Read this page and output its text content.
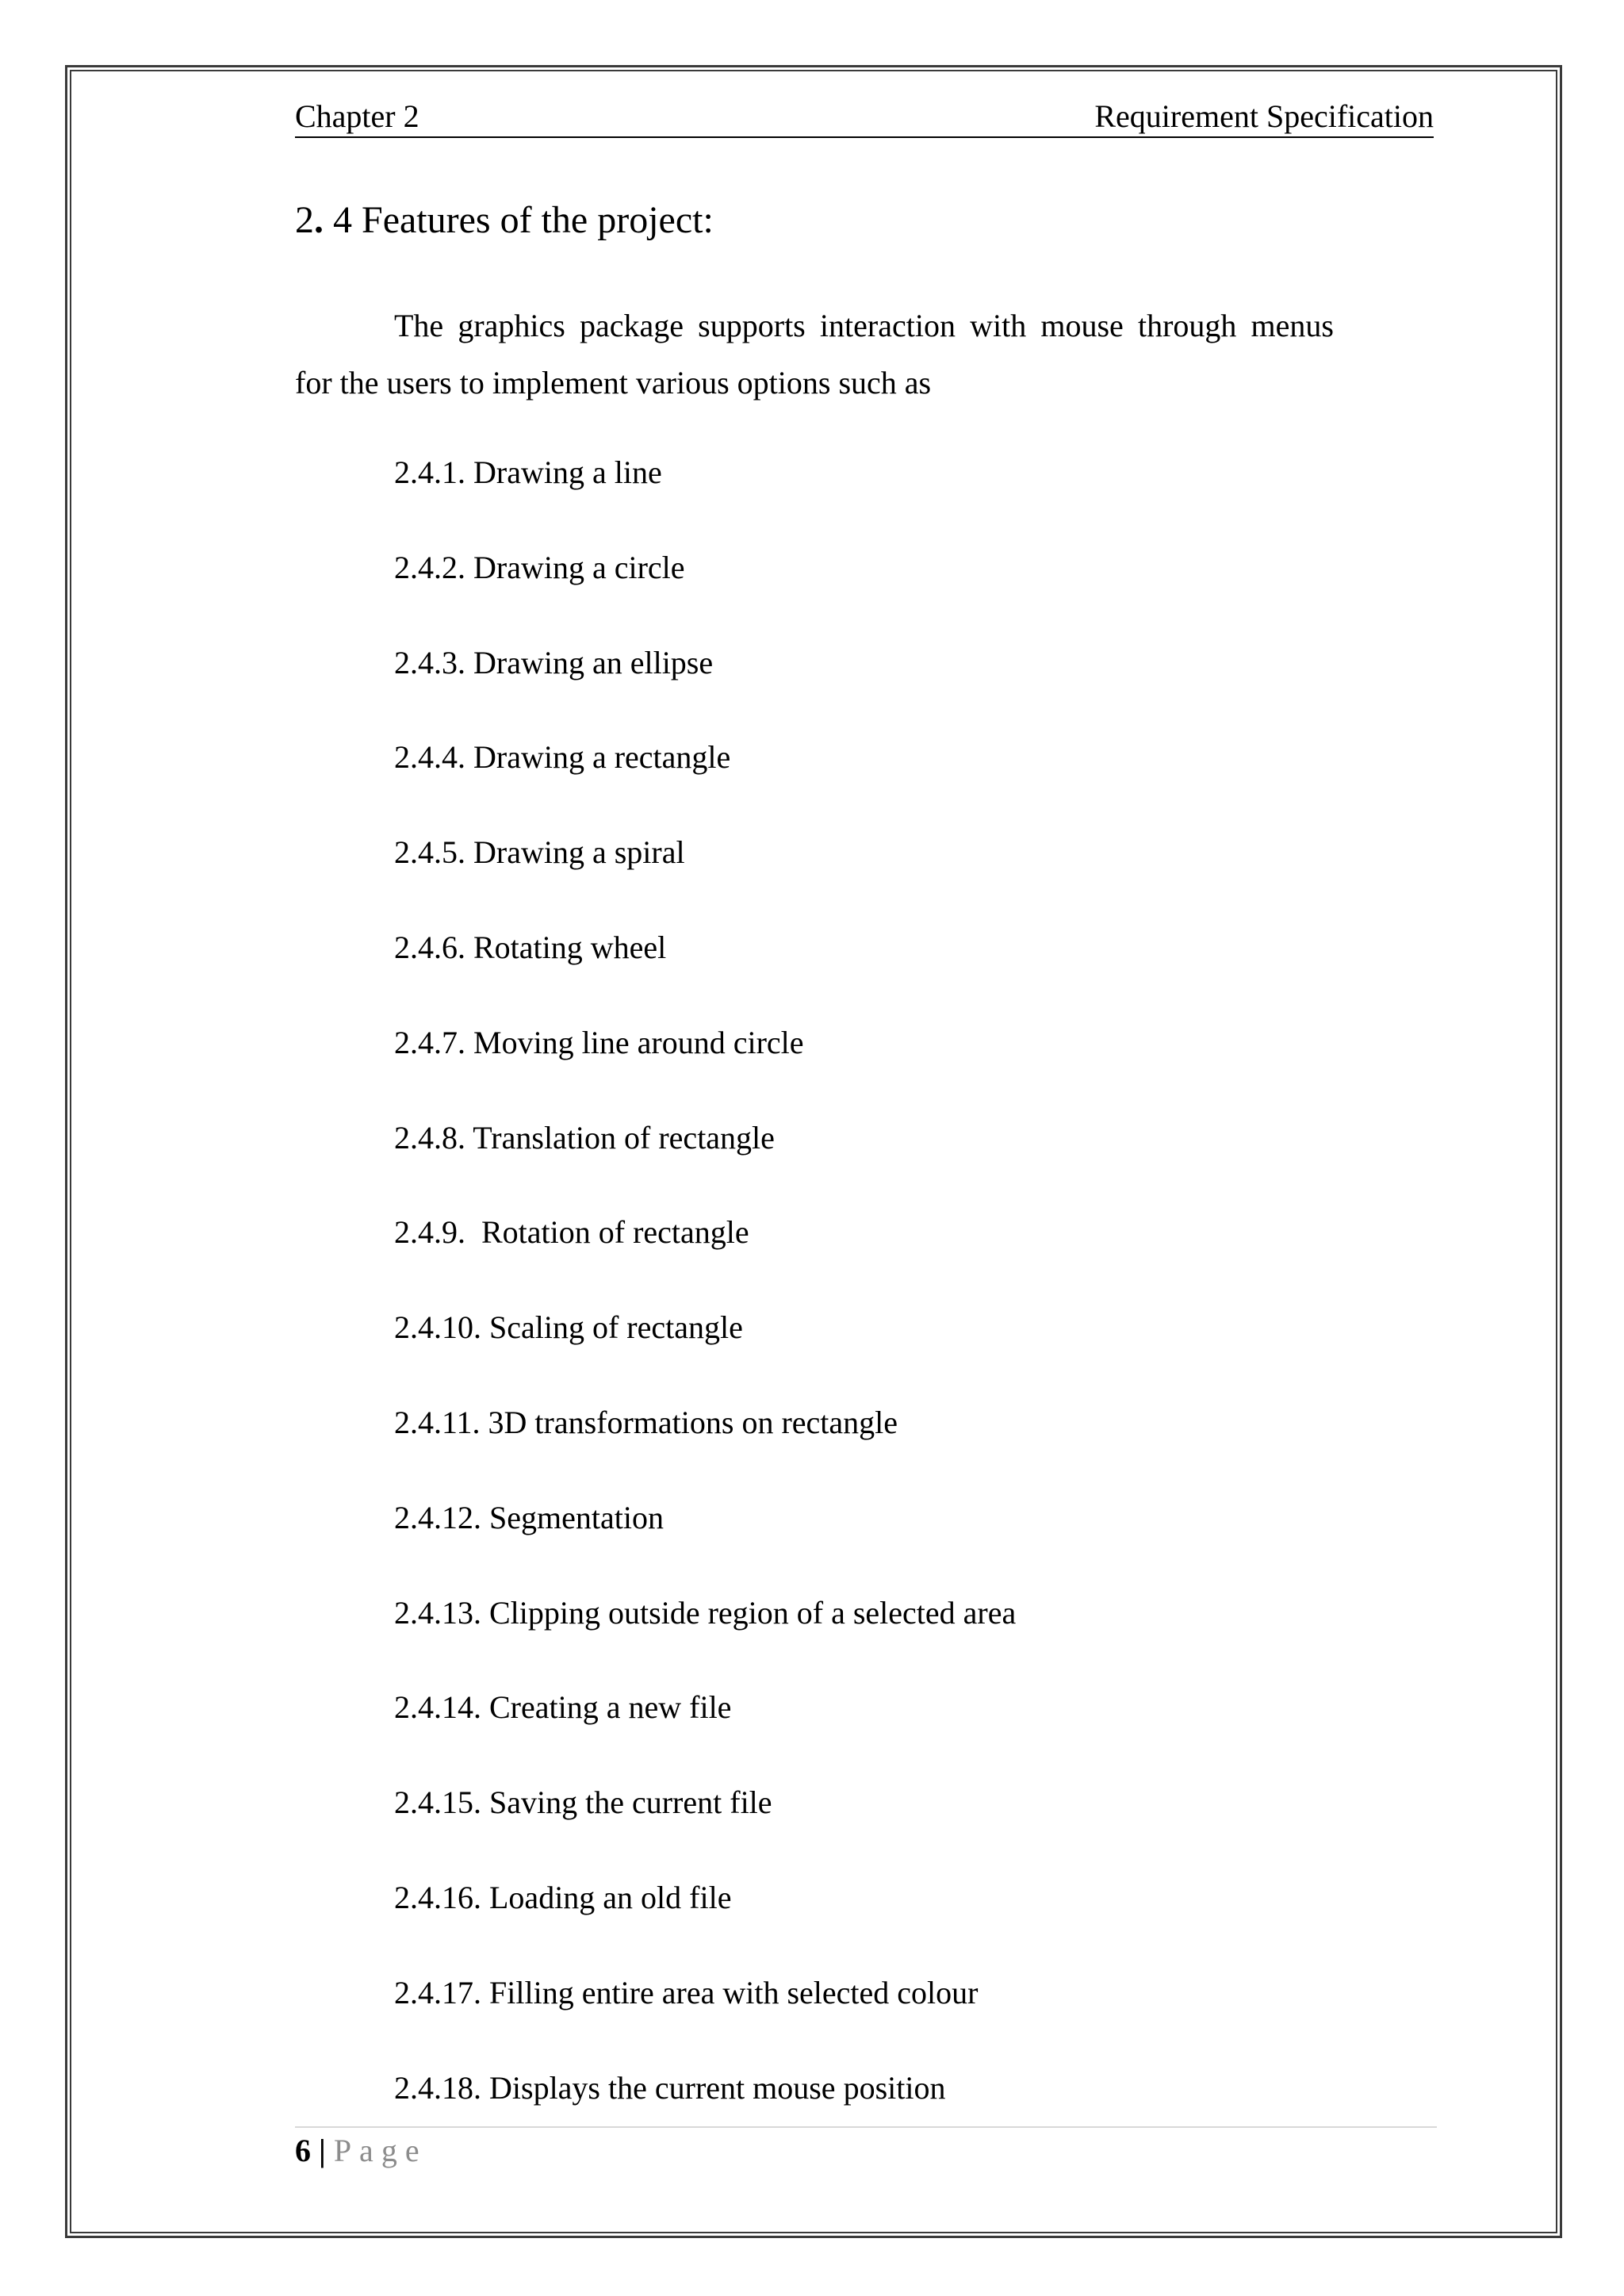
Chapter 2	Requirement Specification
2. 4 Features of the project:
The graphics package supports interaction with mouse through menus
for the users to implement various options such as
2.4.1. Drawing a line
2.4.2. Drawing a circle
2.4.3. Drawing an ellipse
2.4.4. Drawing a rectangle
2.4.5. Drawing a spiral
2.4.6. Rotating wheel
2.4.7. Moving line around circle
2.4.8. Translation of rectangle
2.4.9.  Rotation of rectangle
2.4.10. Scaling of rectangle
2.4.11. 3D transformations on rectangle
2.4.12. Segmentation
2.4.13. Clipping outside region of a selected area
2.4.14. Creating a new file
2.4.15. Saving the current file
2.4.16. Loading an old file
2.4.17. Filling entire area with selected colour
2.4.18. Displays the current mouse position
6 | Page
